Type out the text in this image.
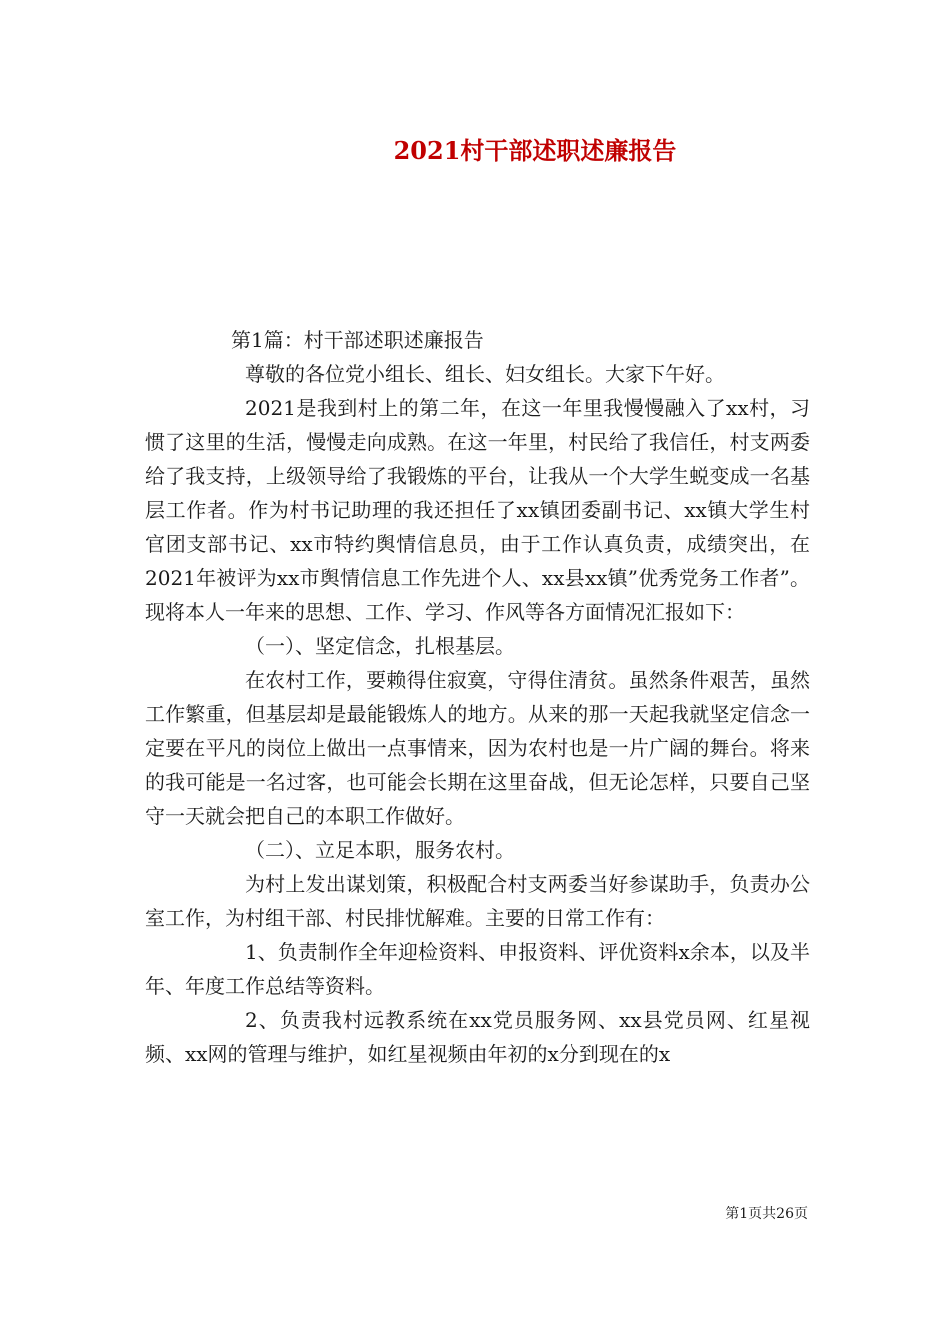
2021村干部述职述廉报告

第1篇：村干部述职述廉报告

尊敬的各位党小组长、组长、妇女组长。大家下午好。

2021是我到村上的第二年，在这一年里我慢慢融入了xx村，习惯了这里的生活，慢慢走向成熟。在这一年里，村民给了我信任，村支两委给了我支持，上级领导给了我锻炼的平台，让我从一个大学生蜕变成一名基层工作者。作为村书记助理的我还担任了xx镇团委副书记、xx镇大学生村官团支部书记、xx市特约舆情信息员，由于工作认真负责，成绩突出，在2021年被评为xx市舆情信息工作先进个人、xx县xx镇”优秀党务工作者”。现将本人一年来的思想、工作、学习、作风等各方面情况汇报如下：

（一）、坚定信念，扎根基层。

在农村工作，要赖得住寂寞，守得住清贫。虽然条件艰苦，虽然工作繁重，但基层却是最能锻炼人的地方。从来的那一天起我就坚定信念一定要在平凡的岗位上做出一点事情来，因为农村也是一片广阔的舞台。将来的我可能是一名过客，也可能会长期在这里奋战，但无论怎样，只要自己坚守一天就会把自己的本职工作做好。

（二）、立足本职，服务农村。

为村上发出谋划策，积极配合村支两委当好参谋助手，负责办公室工作，为村组干部、村民排忧解难。主要的日常工作有：

1、负责制作全年迎检资料、申报资料、评优资料x余本，以及半年、年度工作总结等资料。

2、负责我村远教系统在xx党员服务网、xx县党员网、红星视频、xx网的管理与维护，如红星视频由年初的x分到现在的x

第1页共26页
